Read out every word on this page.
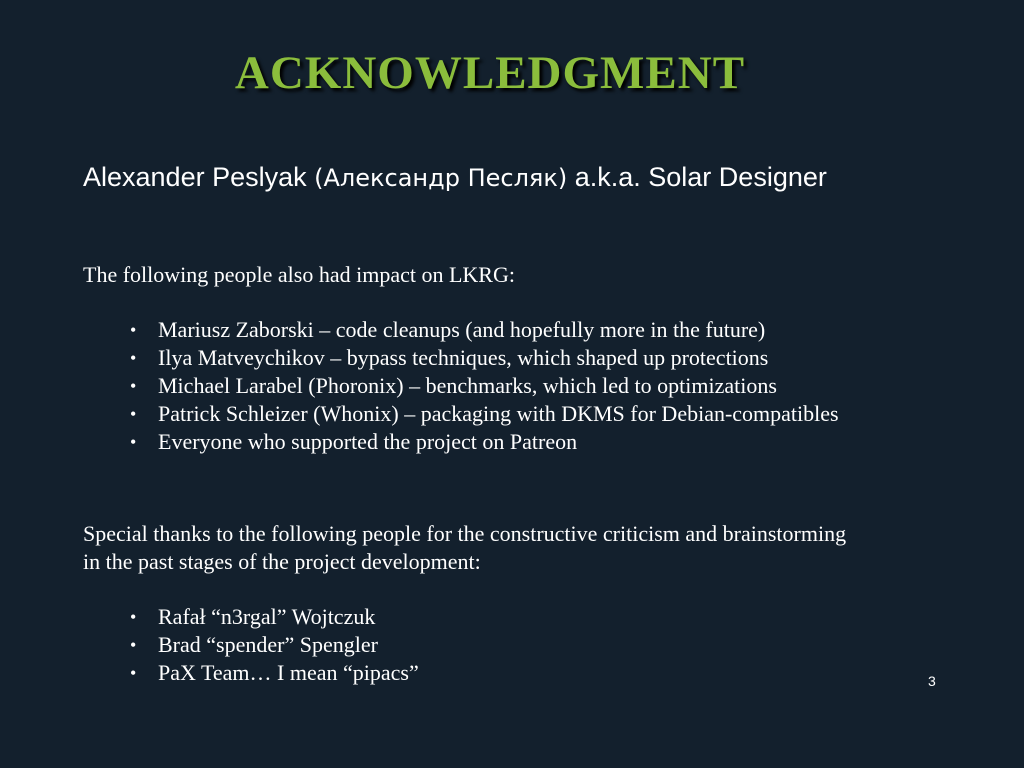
ACKNOWLEDGMENT
Alexander Peslyak (Александр Песляк) a.k.a. Solar Designer
The following people also had impact on LKRG:
• Mariusz Zaborski – code cleanups (and hopefully more in the future)
• Ilya Matveychikov – bypass techniques, which shaped up protections
• Michael Larabel (Phoronix) – benchmarks, which led to optimizations
• Patrick Schleizer (Whonix) – packaging with DKMS for Debian-compatibles
• Everyone who supported the project on Patreon
Special thanks to the following people for the constructive criticism and brainstorming
in the past stages of the project development:
• Rafał “n3rgal” Wojtczuk
• Brad “spender” Spengler
• PaX Team… I mean “pipacs”	3
